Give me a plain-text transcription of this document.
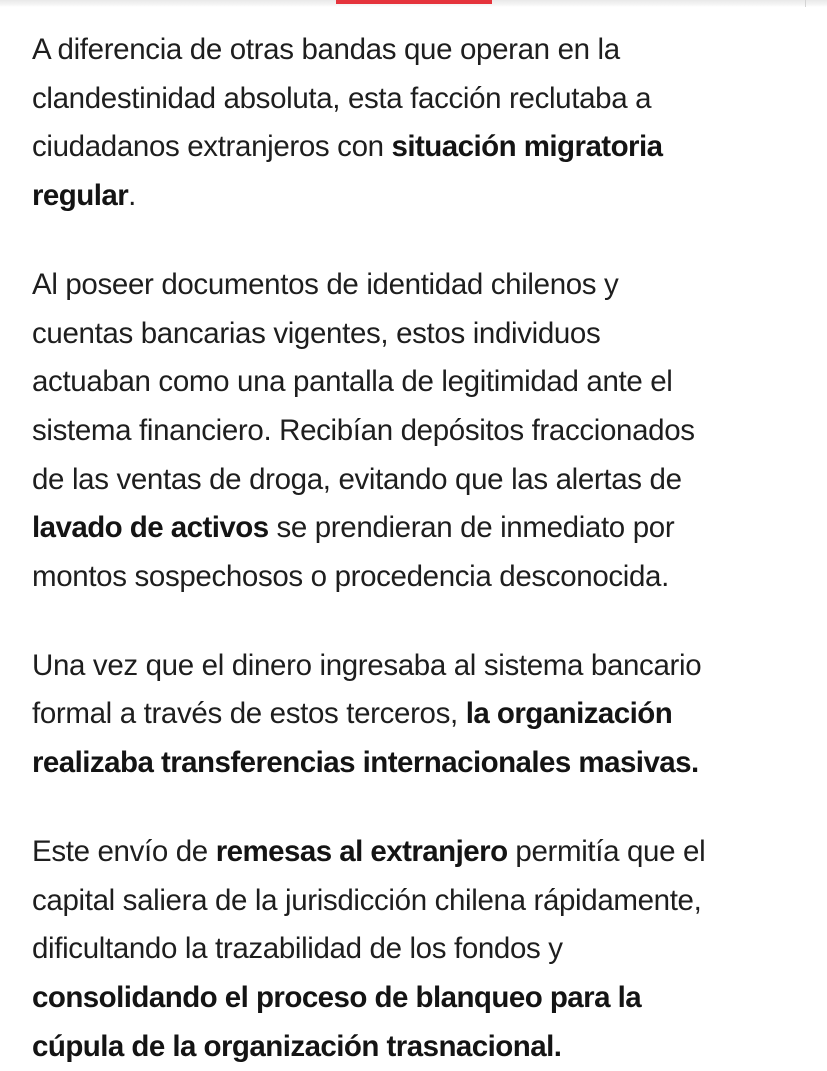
A diferencia de otras bandas que operan en la
clandestinidad absoluta, esta facción reclutaba a
ciudadanos extranjeros con situación migratoria
regular.

Al poseer documentos de identidad chilenos y
cuentas bancarias vigentes, estos individuos
actuaban como una pantalla de legitimidad ante el
sistema financiero. Recibían depósitos fraccionados
de las ventas de droga, evitando que las alertas de
lavado de activos se prendieran de inmediato por
montos sospechosos o procedencia desconocida.

Una vez que el dinero ingresaba al sistema bancario
formal a través de estos terceros, la organización
realizaba transferencias internacionales masivas.

Este envío de remesas al extranjero permitía que el
capital saliera de la jurisdicción chilena rápidamente,
dificultando la trazabilidad de los fondos y
consolidando el proceso de blanqueo para la
cúpula de la organización trasnacional.
